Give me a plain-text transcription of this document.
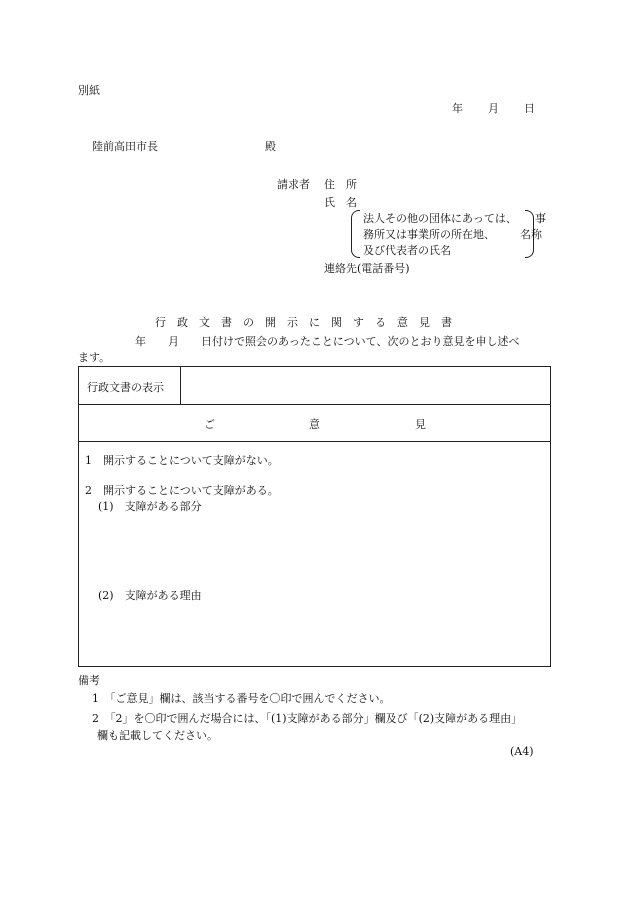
別紙
年　　月　　日
陸前高田市長	殿
請求者 住　所
氏　名
法人その他の団体にあっては、 事
務所又は事業所の所在地、 名称
及び代表者の氏名
連絡先(電話番号)
行　政　文　書　の　開　示　に　関　す　る　意　見　書
年　　月　　日付けで照会のあったことについて、次のとおり意見を申し述べ
ます。
行政文書の表示
ご	意	見
1　開示することについて支障がない。
2　開示することについて支障がある。
(1)　支障がある部分
(2)　支障がある理由
備考
1　「ご意見」欄は、該当する番号を〇印で囲んでください。
2　「2」を〇印で囲んだ場合には、「(1)支障がある部分」欄及び「(2)支障がある理由」
欄も記載してください。
(A4)
